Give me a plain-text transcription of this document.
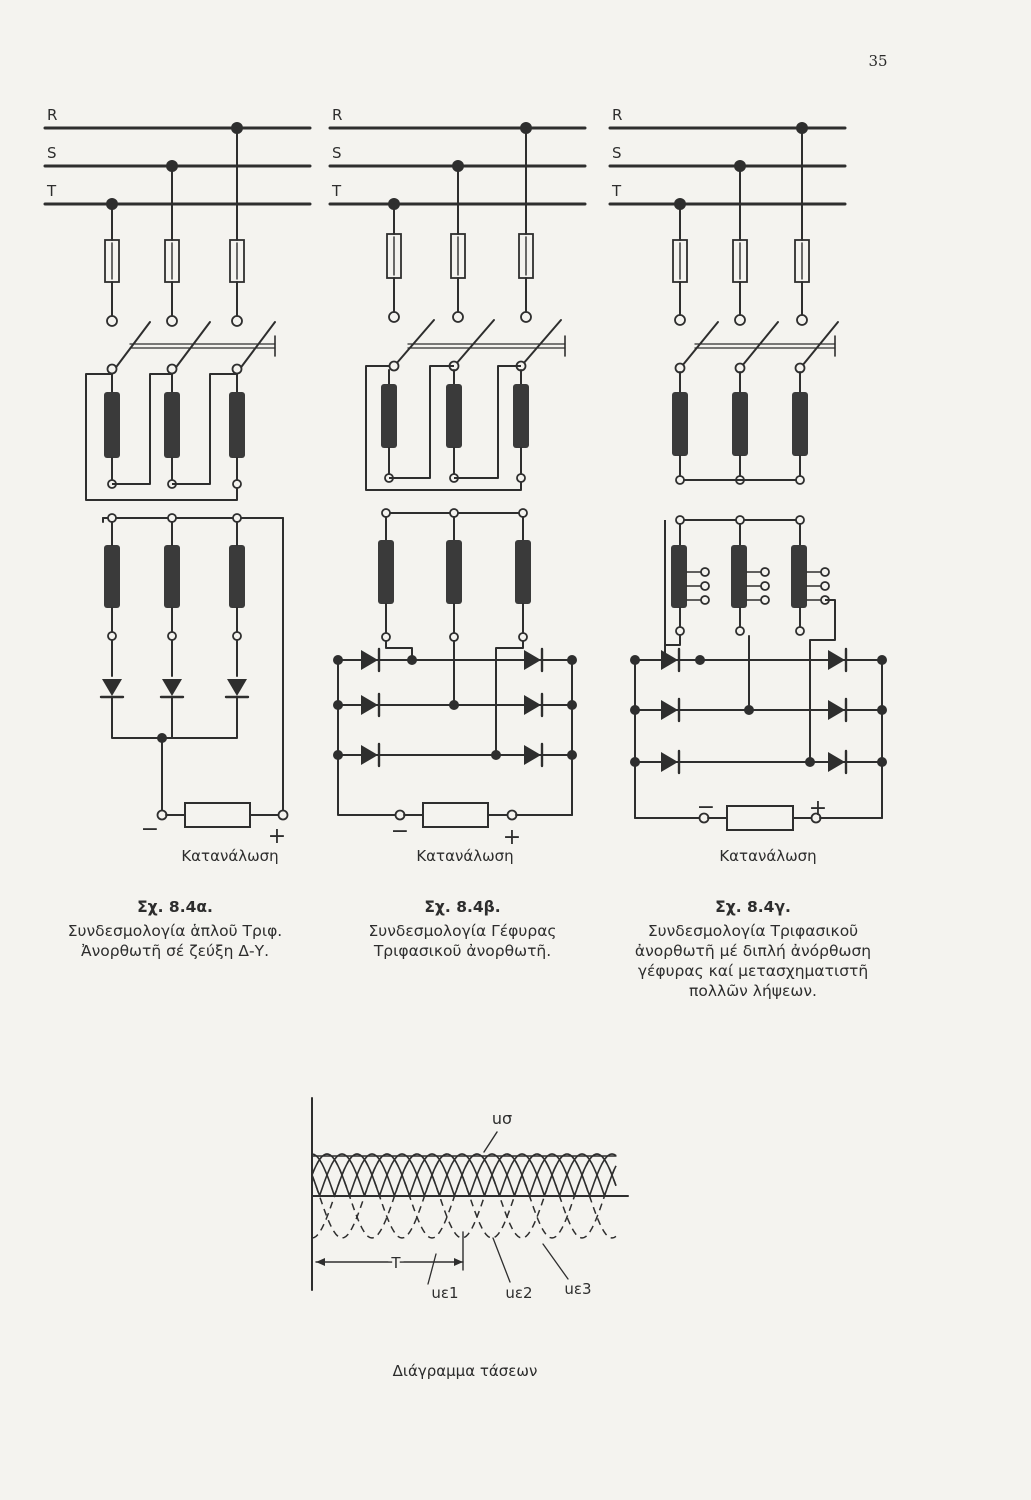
35
R
S
T
−	+
R
S
T
−	+
R
S
T
−	+
T
uσ
uε1	uε2 uε3
Κατανάλωση	Κατανάλωση	Κατανάλωση
Σχ. 8.4α.
Συνδεσμολογία ἁπλοῦ Τριφ. Ἀνορθωτῆ σέ ζεύξη Δ-Υ.
Σχ. 8.4β.
Συνδεσμολογία Γέφυρας Τριφασικοῦ ἀνορθωτῆ.
Σχ. 8.4γ.
Συνδεσμολογία Τριφασικοῦ ἀνορθωτῆ μέ διπλή ἀνόρθωση γέφυρας καί μετασχηματιστῆ πολλῶν λήψεων.
Διάγραμμα τάσεων
